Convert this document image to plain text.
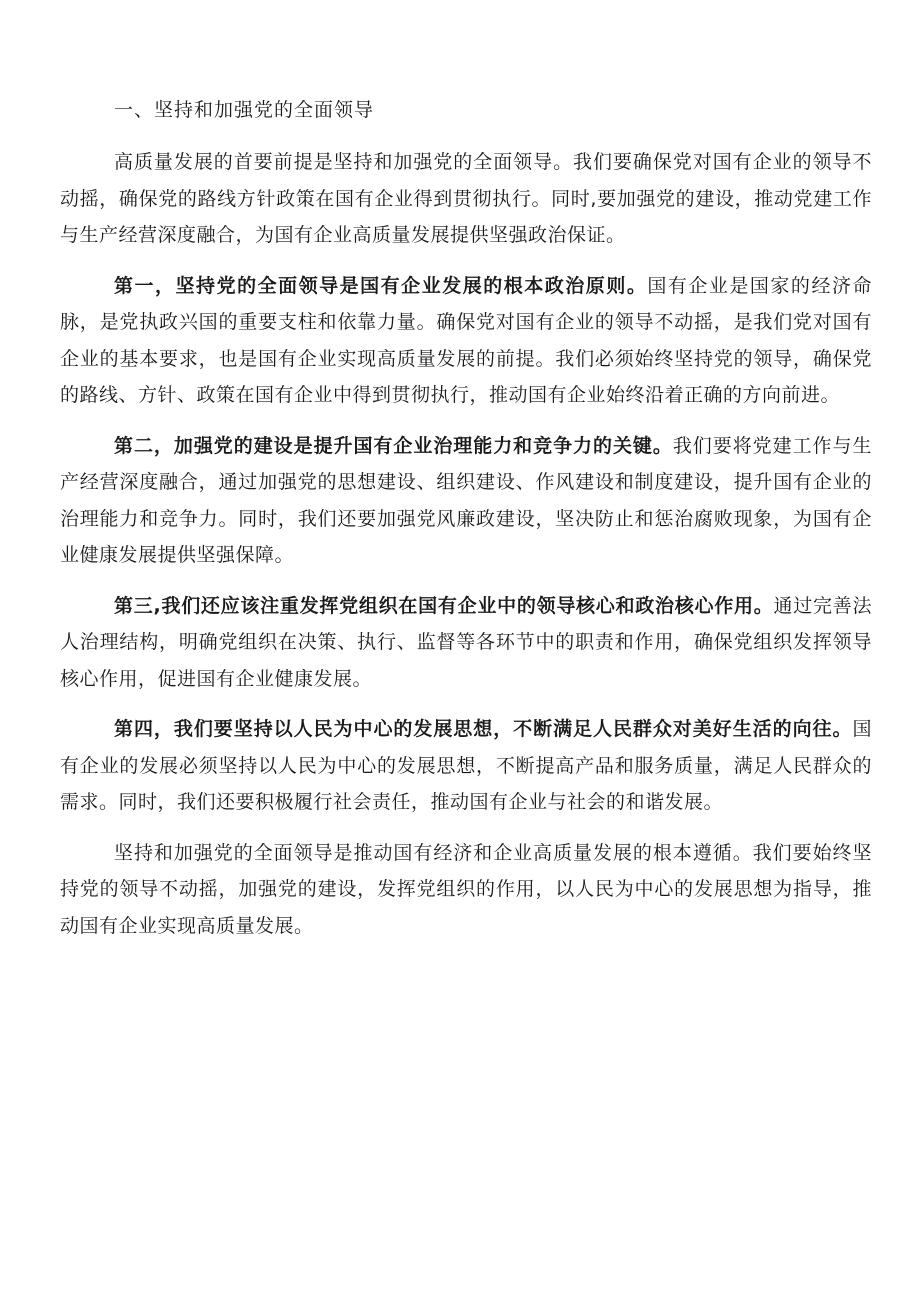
一、坚持和加强党的全面领导

高质量发展的首要前提是坚持和加强党的全面领导。我们要确保党对国有企业的领导不动摇，确保党的路线方针政策在国有企业得到贯彻执行。同时,要加强党的建设，推动党建工作与生产经营深度融合，为国有企业高质量发展提供坚强政治保证。

第一，坚持党的全面领导是国有企业发展的根本政治原则。国有企业是国家的经济命脉，是党执政兴国的重要支柱和依靠力量。确保党对国有企业的领导不动摇，是我们党对国有企业的基本要求，也是国有企业实现高质量发展的前提。我们必须始终坚持党的领导，确保党的路线、方针、政策在国有企业中得到贯彻执行，推动国有企业始终沿着正确的方向前进。

第二，加强党的建设是提升国有企业治理能力和竞争力的关键。我们要将党建工作与生产经营深度融合，通过加强党的思想建设、组织建设、作风建设和制度建设，提升国有企业的治理能力和竞争力。同时，我们还要加强党风廉政建设，坚决防止和惩治腐败现象，为国有企业健康发展提供坚强保障。

第三,我们还应该注重发挥党组织在国有企业中的领导核心和政治核心作用。通过完善法人治理结构，明确党组织在决策、执行、监督等各环节中的职责和作用，确保党组织发挥领导核心作用，促进国有企业健康发展。

第四，我们要坚持以人民为中心的发展思想，不断满足人民群众对美好生活的向往。国有企业的发展必须坚持以人民为中心的发展思想，不断提高产品和服务质量，满足人民群众的需求。同时，我们还要积极履行社会责任，推动国有企业与社会的和谐发展。

坚持和加强党的全面领导是推动国有经济和企业高质量发展的根本遵循。我们要始终坚持党的领导不动摇，加强党的建设，发挥党组织的作用，以人民为中心的发展思想为指导，推动国有企业实现高质量发展。
